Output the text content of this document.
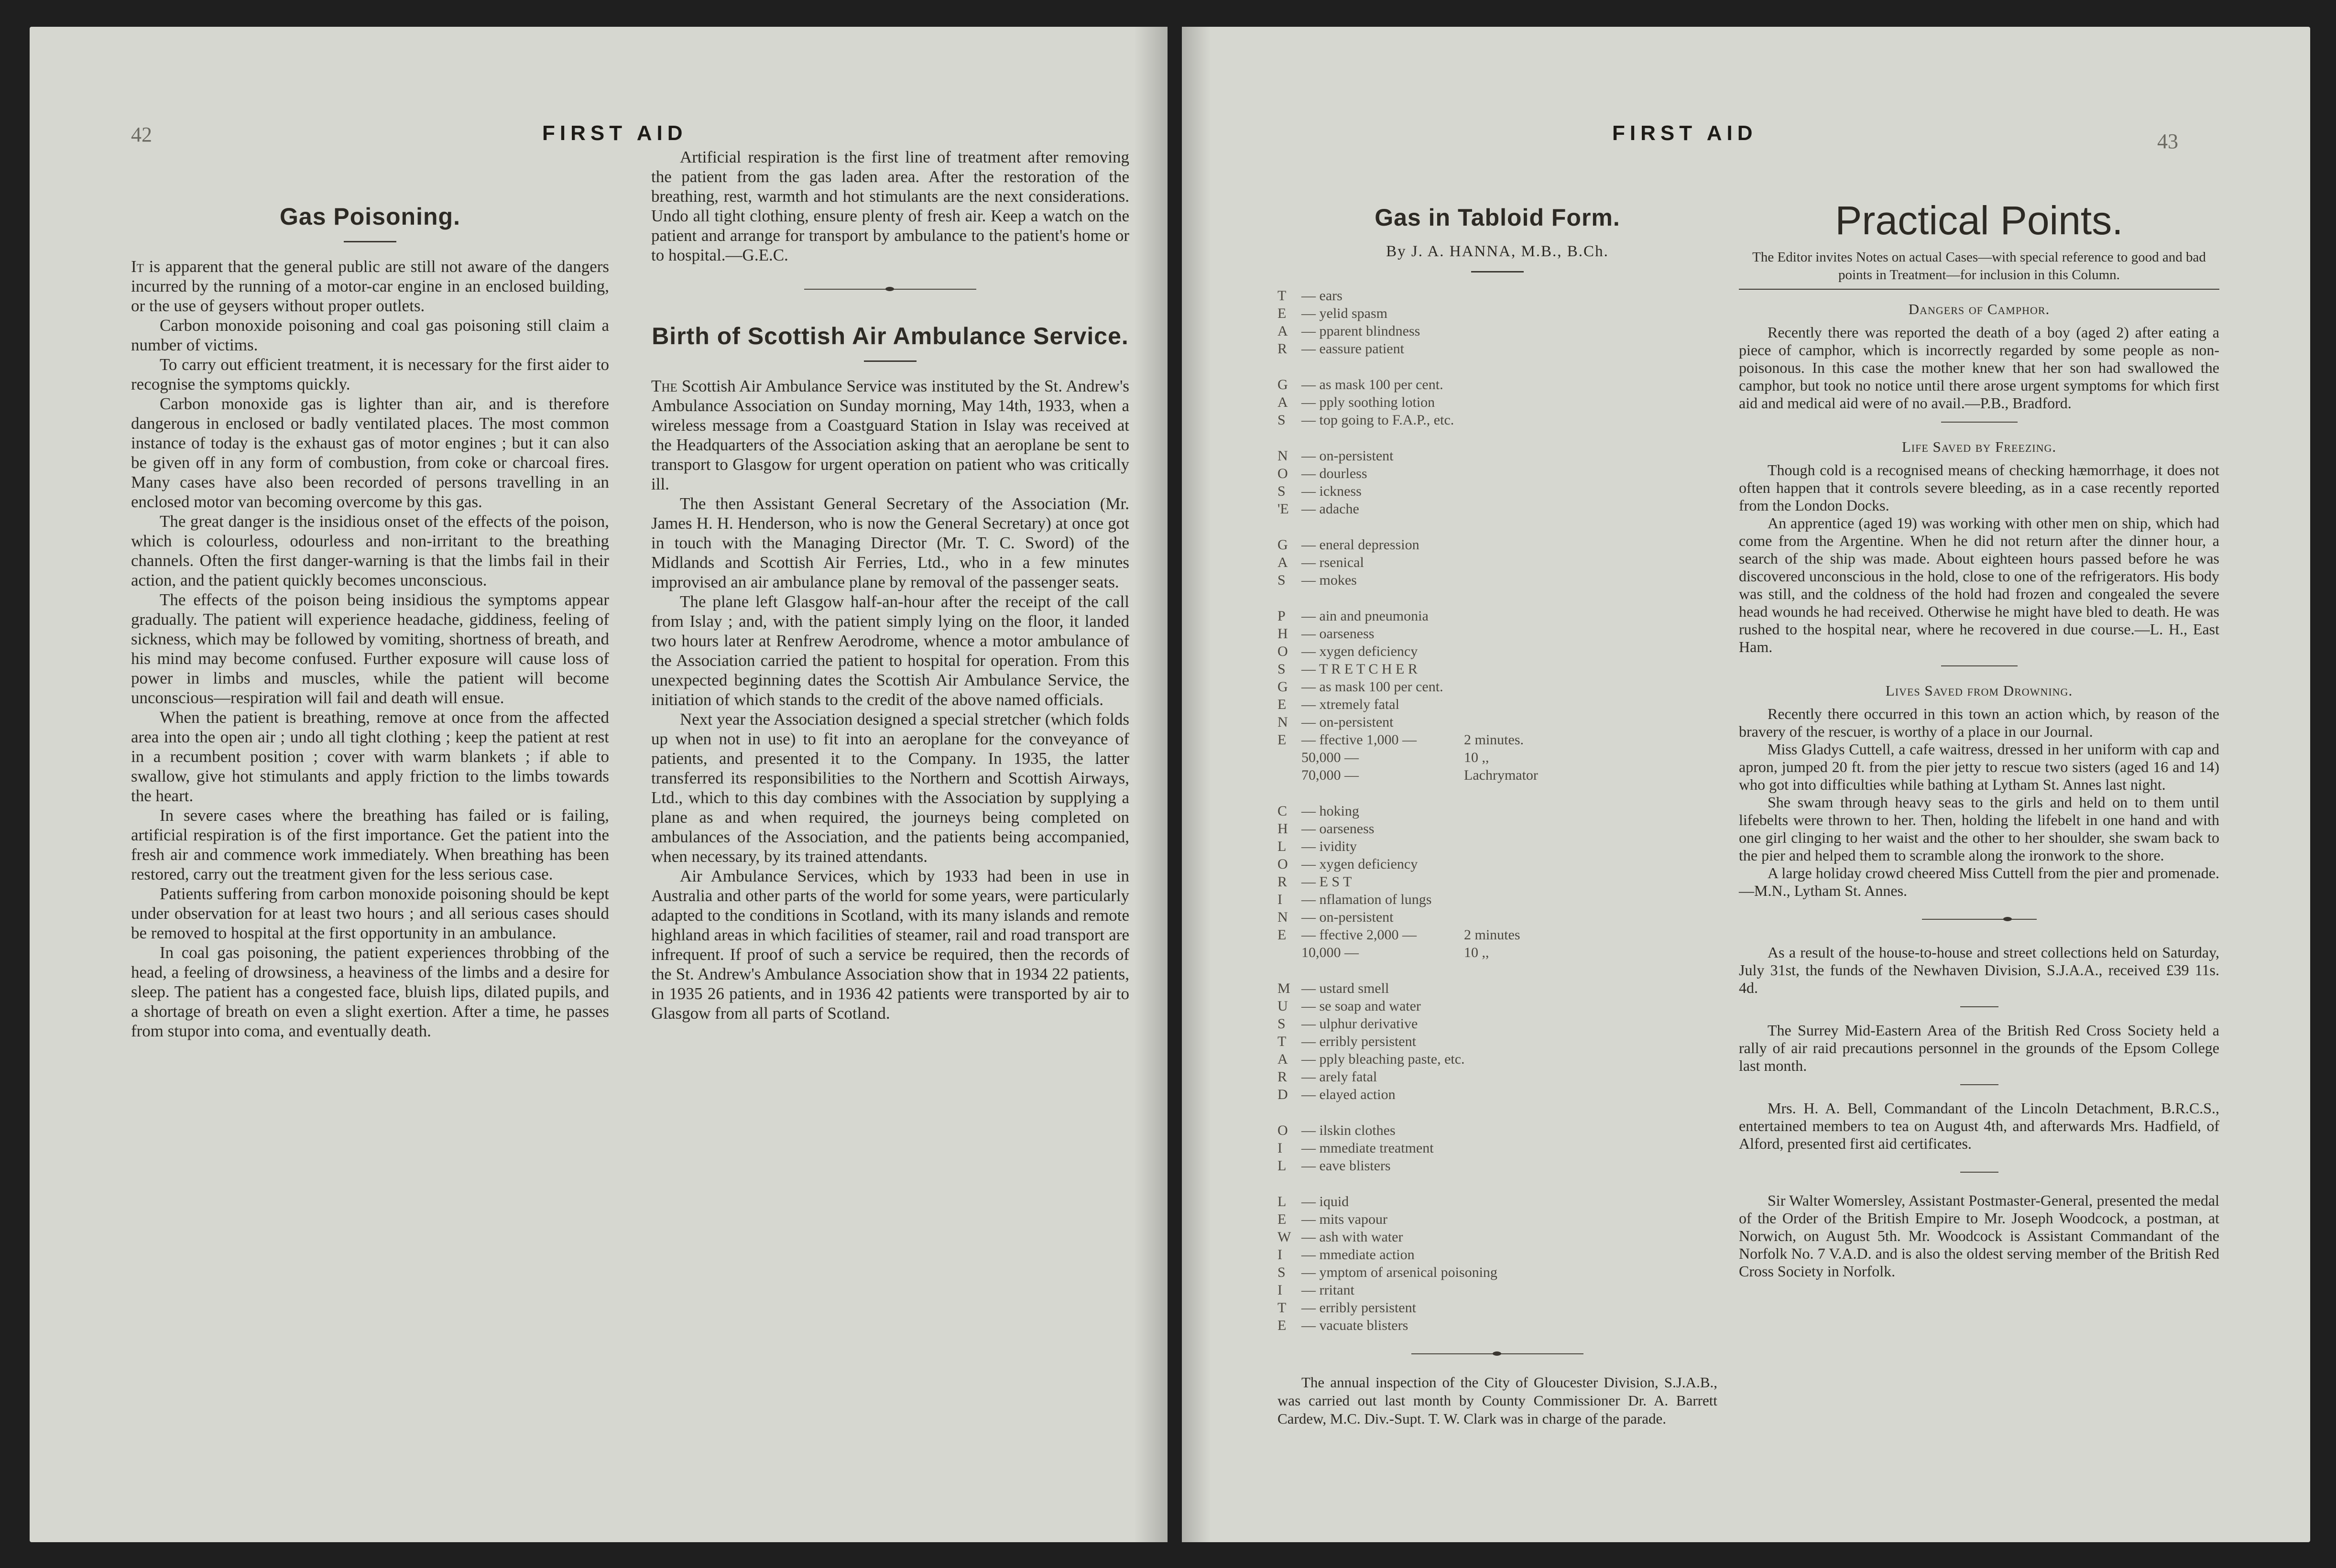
42	FIRST AID
Gas Poisoning.

It is apparent that the general public are still not aware of the dangers incurred by the running of a motor-car engine in an enclosed building, or the use of geysers without proper outlets.

Carbon monoxide poisoning and coal gas poisoning still claim a number of victims.

To carry out efficient treatment, it is necessary for the first aider to recognise the symptoms quickly.

Carbon monoxide gas is lighter than air, and is therefore dangerous in enclosed or badly ventilated places. The most common instance of today is the exhaust gas of motor engines ; but it can also be given off in any form of combustion, from coke or charcoal fires. Many cases have also been recorded of persons travelling in an enclosed motor van becoming overcome by this gas.

The great danger is the insidious onset of the effects of the poison, which is colourless, odourless and non-irritant to the breathing channels. Often the first danger-warning is that the limbs fail in their action, and the patient quickly becomes unconscious.

The effects of the poison being insidious the symptoms appear gradually. The patient will experience headache, giddiness, feeling of sickness, which may be followed by vomiting, shortness of breath, and his mind may become confused. Further exposure will cause loss of power in limbs and muscles, while the patient will become unconscious—respiration will fail and death will ensue.

When the patient is breathing, remove at once from the affected area into the open air ; undo all tight clothing ; keep the patient at rest in a recumbent position ; cover with warm blankets ; if able to swallow, give hot stimulants and apply friction to the limbs towards the heart.

In severe cases where the breathing has failed or is failing, artificial respiration is of the first importance. Get the patient into the fresh air and commence work immediately. When breathing has been restored, carry out the treatment given for the less serious case.

Patients suffering from carbon monoxide poisoning should be kept under observation for at least two hours ; and all serious cases should be removed to hospital at the first opportunity in an ambulance.

In coal gas poisoning, the patient experiences throbbing of the head, a feeling of drowsiness, a heaviness of the limbs and a desire for sleep. The patient has a congested face, bluish lips, dilated pupils, and a shortage of breath on even a slight exertion. After a time, he passes from stupor into coma, and eventually death.

Artificial respiration is the first line of treatment after removing the patient from the gas laden area. After the restoration of the breathing, rest, warmth and hot stimulants are the next considerations. Undo all tight clothing, ensure plenty of fresh air. Keep a watch on the patient and arrange for transport by ambulance to the patient's home or to hospital.—G.E.C.

Birth of Scottish Air Ambulance Service.

The Scottish Air Ambulance Service was instituted by the St. Andrew's Ambulance Association on Sunday morning, May 14th, 1933, when a wireless message from a Coastguard Station in Islay was received at the Headquarters of the Association asking that an aeroplane be sent to transport to Glasgow for urgent operation on patient who was critically ill.

The then Assistant General Secretary of the Association (Mr. James H. H. Henderson, who is now the General Secretary) at once got in touch with the Managing Director (Mr. T. C. Sword) of the Midlands and Scottish Air Ferries, Ltd., who in a few minutes improvised an air ambulance plane by removal of the passenger seats.

The plane left Glasgow half-an-hour after the receipt of the call from Islay ; and, with the patient simply lying on the floor, it landed two hours later at Renfrew Aerodrome, whence a motor ambulance of the Association carried the patient to hospital for operation. From this unexpected beginning dates the Scottish Air Ambulance Service, the initiation of which stands to the credit of the above named officials.

Next year the Association designed a special stretcher (which folds up when not in use) to fit into an aeroplane for the conveyance of patients, and presented it to the Company. In 1935, the latter transferred its responsibilities to the Northern and Scottish Airways, Ltd., which to this day combines with the Association by supplying a plane as and when required, the journeys being completed on ambulances of the Association, and the patients being accompanied, when necessary, by its trained attendants.

Air Ambulance Services, which by 1933 had been in use in Australia and other parts of the world for some years, were particularly adapted to the conditions in Scotland, with its many islands and remote highland areas in which facilities of steamer, rail and road transport are infrequent. If proof of such a service be required, then the records of the St. Andrew's Ambulance Association show that in 1934 22 patients, in 1935 26 patients, and in 1936 42 patients were transported by air to Glasgow from all parts of Scotland.

FIRST AID	43
Gas in Tabloid Form.
By J. A. HANNA, M.B., B.Ch.
T — ears
E — yelid spasm
A — pparent blindness
R — eassure patient
G — as mask 100 per cent.
A — pply soothing lotion
S — top going to F.A.P., etc.
N — on-persistent
O — dourless
S — ickness
'E — adache
G — eneral depression
A — rsenical
S — mokes
P — ain and pneumonia
H — oarseness
O — xygen deficiency
S — T R E T C H E R
G — as mask 100 per cent.
E — xtremely fatal
N — on-persistent
E — ffective 1,000 —	2 minutes.
50,000 —	10 ,,
70,000 —	Lachrymator
C — hoking
H — oarseness
L — ividity
O — xygen deficiency
R — E S T
I — nflamation of lungs
N — on-persistent
E — ffective 2,000 —	2 minutes
10,000 —	10 ,,
M — ustard smell
U — se soap and water
S — ulphur derivative
T — erribly persistent
A — pply bleaching paste, etc.
R — arely fatal
D — elayed action
O — ilskin clothes
I — mmediate treatment
L — eave blisters
L — iquid
E — mits vapour
W — ash with water
I — mmediate action
S — ymptom of arsenical poisoning
I — rritant
T — erribly persistent
E — vacuate blisters

The annual inspection of the City of Gloucester Division, S.J.A.B., was carried out last month by County Commissioner Dr. A. Barrett Cardew, M.C. Div.-Supt. T. W. Clark was in charge of the parade.

Practical Points.
The Editor invites Notes on actual Cases—with special reference to good and bad points in Treatment—for inclusion in this Column.
Dangers of Camphor.

Recently there was reported the death of a boy (aged 2) after eating a piece of camphor, which is incorrectly regarded by some people as non-poisonous. In this case the mother knew that her son had swallowed the camphor, but took no notice until there arose urgent symptoms for which first aid and medical aid were of no avail.—P.B., Bradford.

Life Saved by Freezing.

Though cold is a recognised means of checking hæmorrhage, it does not often happen that it controls severe bleeding, as in a case recently reported from the London Docks.

An apprentice (aged 19) was working with other men on ship, which had come from the Argentine. When he did not return after the dinner hour, a search of the ship was made. About eighteen hours passed before he was discovered unconscious in the hold, close to one of the refrigerators. His body was still, and the coldness of the hold had frozen and congealed the severe head wounds he had received. Otherwise he might have bled to death. He was rushed to the hospital near, where he recovered in due course.—L. H., East Ham.

Lives Saved from Drowning.

Recently there occurred in this town an action which, by reason of the bravery of the rescuer, is worthy of a place in our Journal.

Miss Gladys Cuttell, a cafe waitress, dressed in her uniform with cap and apron, jumped 20 ft. from the pier jetty to rescue two sisters (aged 16 and 14) who got into difficulties while bathing at Lytham St. Annes last night.

She swam through heavy seas to the girls and held on to them until lifebelts were thrown to her. Then, holding the lifebelt in one hand and with one girl clinging to her waist and the other to her shoulder, she swam back to the pier and helped them to scramble along the ironwork to the shore.

A large holiday crowd cheered Miss Cuttell from the pier and promenade.—M.N., Lytham St. Annes.

As a result of the house-to-house and street collections held on Saturday, July 31st, the funds of the Newhaven Division, S.J.A.A., received £39 11s. 4d.

The Surrey Mid-Eastern Area of the British Red Cross Society held a rally of air raid precautions personnel in the grounds of the Epsom College last month.

Mrs. H. A. Bell, Commandant of the Lincoln Detachment, B.R.C.S., entertained members to tea on August 4th, and afterwards Mrs. Hadfield, of Alford, presented first aid certificates.

Sir Walter Womersley, Assistant Postmaster-General, presented the medal of the Order of the British Empire to Mr. Joseph Woodcock, a postman, at Norwich, on August 5th. Mr. Woodcock is Assistant Commandant of the Norfolk No. 7 V.A.D. and is also the oldest serving member of the British Red Cross Society in Norfolk.
